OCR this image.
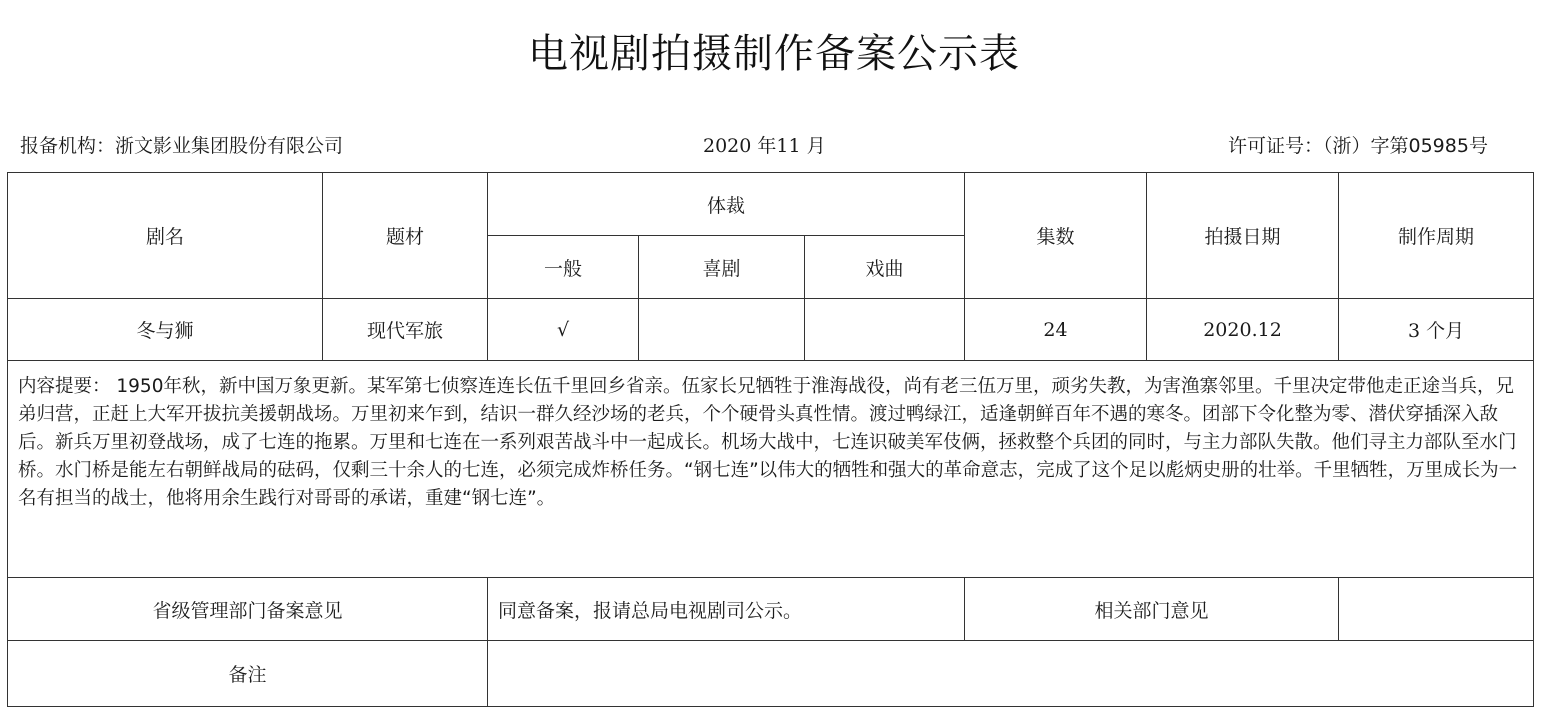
电视剧拍摄制作备案公示表
报备机构：浙文影业集团股份有限公司	2020 年11 月	许可证号：（浙）字第05985号
剧名	题材	体裁			集数	拍摄日期	制作周期
		一般	喜剧	戏曲			
冬与狮	现代军旅	√			24	2020.12	3 个月
内容提要： 1950年秋，新中国万象更新。某军第七侦察连连长伍千里回乡省亲。伍家长兄牺牲于淮海战役，尚有老三伍万里，顽劣失教，为害渔寨邻里。千里决定带他走正途当兵，兄弟归营，正赶上大军开拔抗美援朝战场。万里初来乍到，结识一群久经沙场的老兵，个个硬骨头真性情。渡过鸭绿江，适逢朝鲜百年不遇的寒冬。团部下令化整为零、潜伏穿插深入敌后。新兵万里初登战场，成了七连的拖累。万里和七连在一系列艰苦战斗中一起成长。机场大战中，七连识破美军伎俩，拯救整个兵团的同时，与主力部队失散。他们寻主力部队至水门桥。水门桥是能左右朝鲜战局的砝码，仅剩三十余人的七连，必须完成炸桥任务。“钢七连”以伟大的牺牲和强大的革命意志，完成了这个足以彪炳史册的壮举。千里牺牲，万里成长为一名有担当的战士，他将用余生践行对哥哥的承诺，重建“钢七连”。							
省级管理部门备案意见		同意备案，报请总局电视剧司公示。			相关部门意见		
备注							
